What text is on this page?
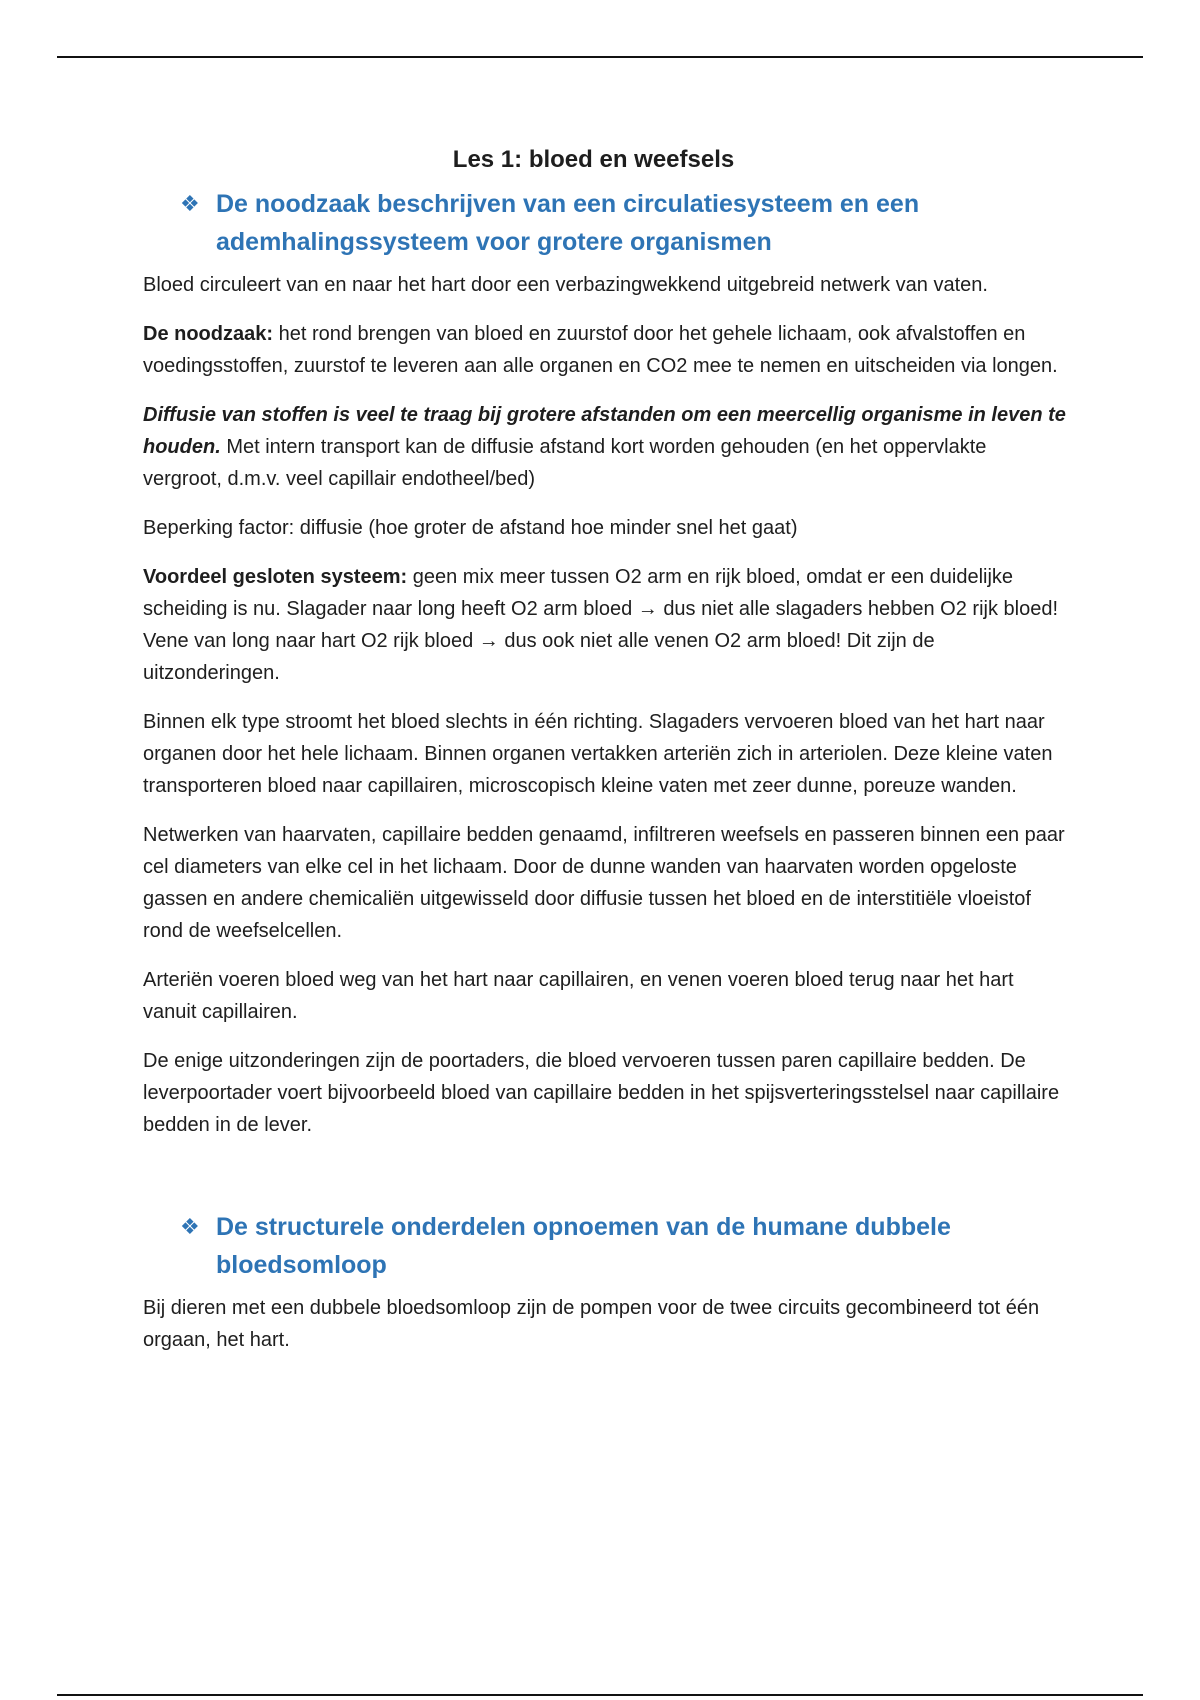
Les 1: bloed en weefsels
❖ De noodzaak beschrijven van een circulatiesysteem en een
ademhalingssysteem voor grotere organismen

Bloed circuleert van en naar het hart door een verbazingwekkend uitgebreid netwerk van vaten.

De noodzaak: het rond brengen van bloed en zuurstof door het gehele lichaam, ook afvalstoffen en voedingsstoffen, zuurstof te leveren aan alle organen en CO2 mee te nemen en uitscheiden via longen.

Diffusie van stoffen is veel te traag bij grotere afstanden om een meercellig organisme in leven te houden. Met intern transport kan de diffusie afstand kort worden gehouden (en het oppervlakte vergroot, d.m.v. veel capillair endotheel/bed)

Beperking factor: diffusie (hoe groter de afstand hoe minder snel het gaat)

Voordeel gesloten systeem: geen mix meer tussen O2 arm en rijk bloed, omdat er een duidelijke scheiding is nu. Slagader naar long heeft O2 arm bloed → dus niet alle slagaders hebben O2 rijk bloed! Vene van long naar hart O2 rijk bloed → dus ook niet alle venen O2 arm bloed! Dit zijn de uitzonderingen.

Binnen elk type stroomt het bloed slechts in één richting. Slagaders vervoeren bloed van het hart naar organen door het hele lichaam. Binnen organen vertakken arteriën zich in arteriolen. Deze kleine vaten transporteren bloed naar capillairen, microscopisch kleine vaten met zeer dunne, poreuze wanden.

Netwerken van haarvaten, capillaire bedden genaamd, infiltreren weefsels en passeren binnen een paar cel diameters van elke cel in het lichaam. Door de dunne wanden van haarvaten worden opgeloste gassen en andere chemicaliën uitgewisseld door diffusie tussen het bloed en de interstitiële vloeistof rond de weefselcellen.

Arteriën voeren bloed weg van het hart naar capillairen, en venen voeren bloed terug naar het hart vanuit capillairen.

De enige uitzonderingen zijn de poortaders, die bloed vervoeren tussen paren capillaire bedden. De leverpoortader voert bijvoorbeeld bloed van capillaire bedden in het spijsverteringsstelsel naar capillaire bedden in de lever.

❖ De structurele onderdelen opnoemen van de humane dubbele
bloedsomloop

Bij dieren met een dubbele bloedsomloop zijn de pompen voor de twee circuits gecombineerd tot één orgaan, het hart.
